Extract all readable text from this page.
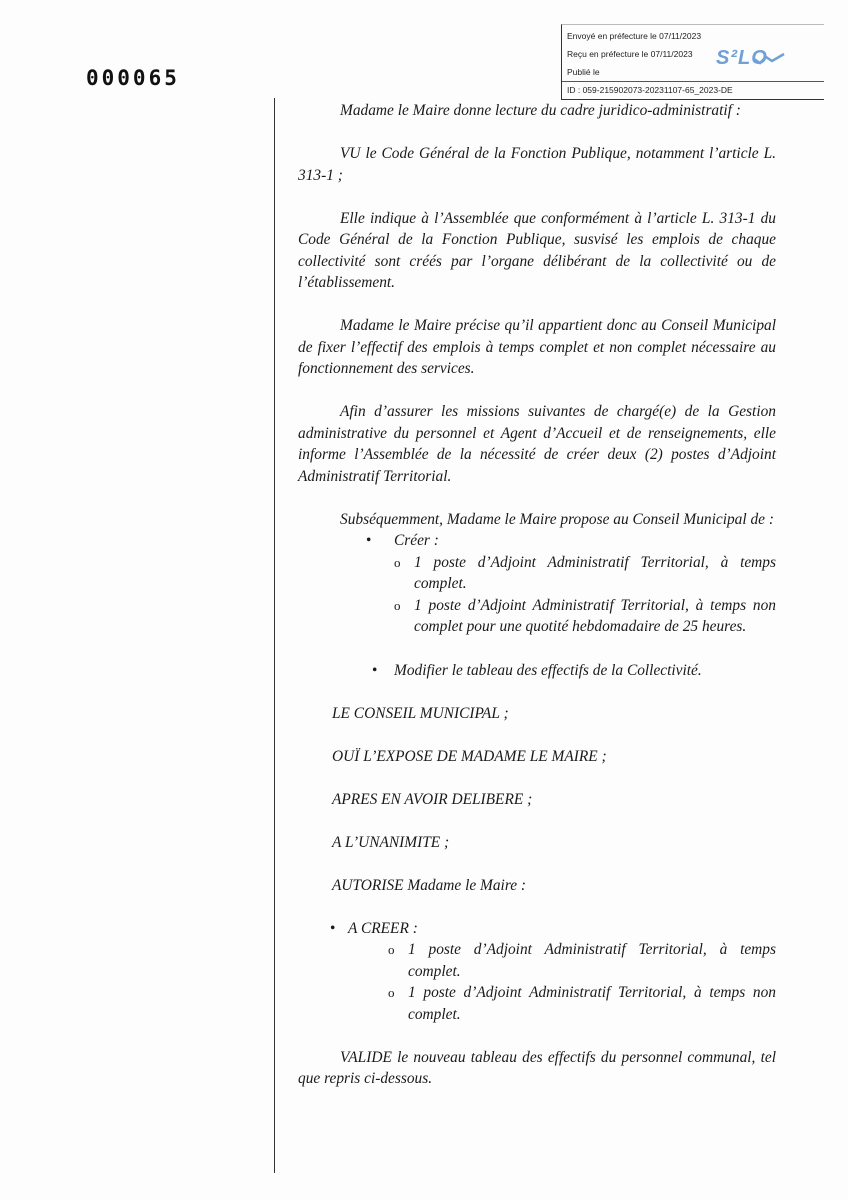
Envoyé en préfecture le 07/11/2023
Reçu en préfecture le 07/11/2023
Publié le
ID : 059-215902073-20231107-65_2023-DE
S²LO
000065

Madame le Maire donne lecture du cadre juridico-administratif :

VU le Code Général de la Fonction Publique, notamment l’article L. 313-1 ;

Elle indique à l’Assemblée que conformément à l’article L. 313-1 du Code Général de la Fonction Publique, susvisé les emplois de chaque collectivité sont créés par l’organe délibérant de la collectivité ou de l’établissement.

Madame le Maire précise qu’il appartient donc au Conseil Municipal de fixer l’effectif des emplois à temps complet et non complet nécessaire au fonctionnement des services.

Afin d’assurer les missions suivantes de chargé(e) de la Gestion administrative du personnel et Agent d’Accueil et de renseignements, elle informe l’Assemblée de la nécessité de créer deux (2) postes d’Adjoint Administratif Territorial.

Subséquemment, Madame le Maire propose au Conseil Municipal de :

• Créer :

o 1 poste d’Adjoint Administratif Territorial, à temps complet.

o 1 poste d’Adjoint Administratif Territorial, à temps non complet pour une quotité hebdomadaire de 25 heures.

• Modifier le tableau des effectifs de la Collectivité.

LE CONSEIL MUNICIPAL ;

OUÏ L’EXPOSE DE MADAME LE MAIRE ;

APRES EN AVOIR DELIBERE ;

A L’UNANIMITE ;

AUTORISE Madame le Maire :

• A CREER :

o 1 poste d’Adjoint Administratif Territorial, à temps complet.

o 1 poste d’Adjoint Administratif Territorial, à temps non complet.

VALIDE le nouveau tableau des effectifs du personnel communal, tel que repris ci-dessous.
